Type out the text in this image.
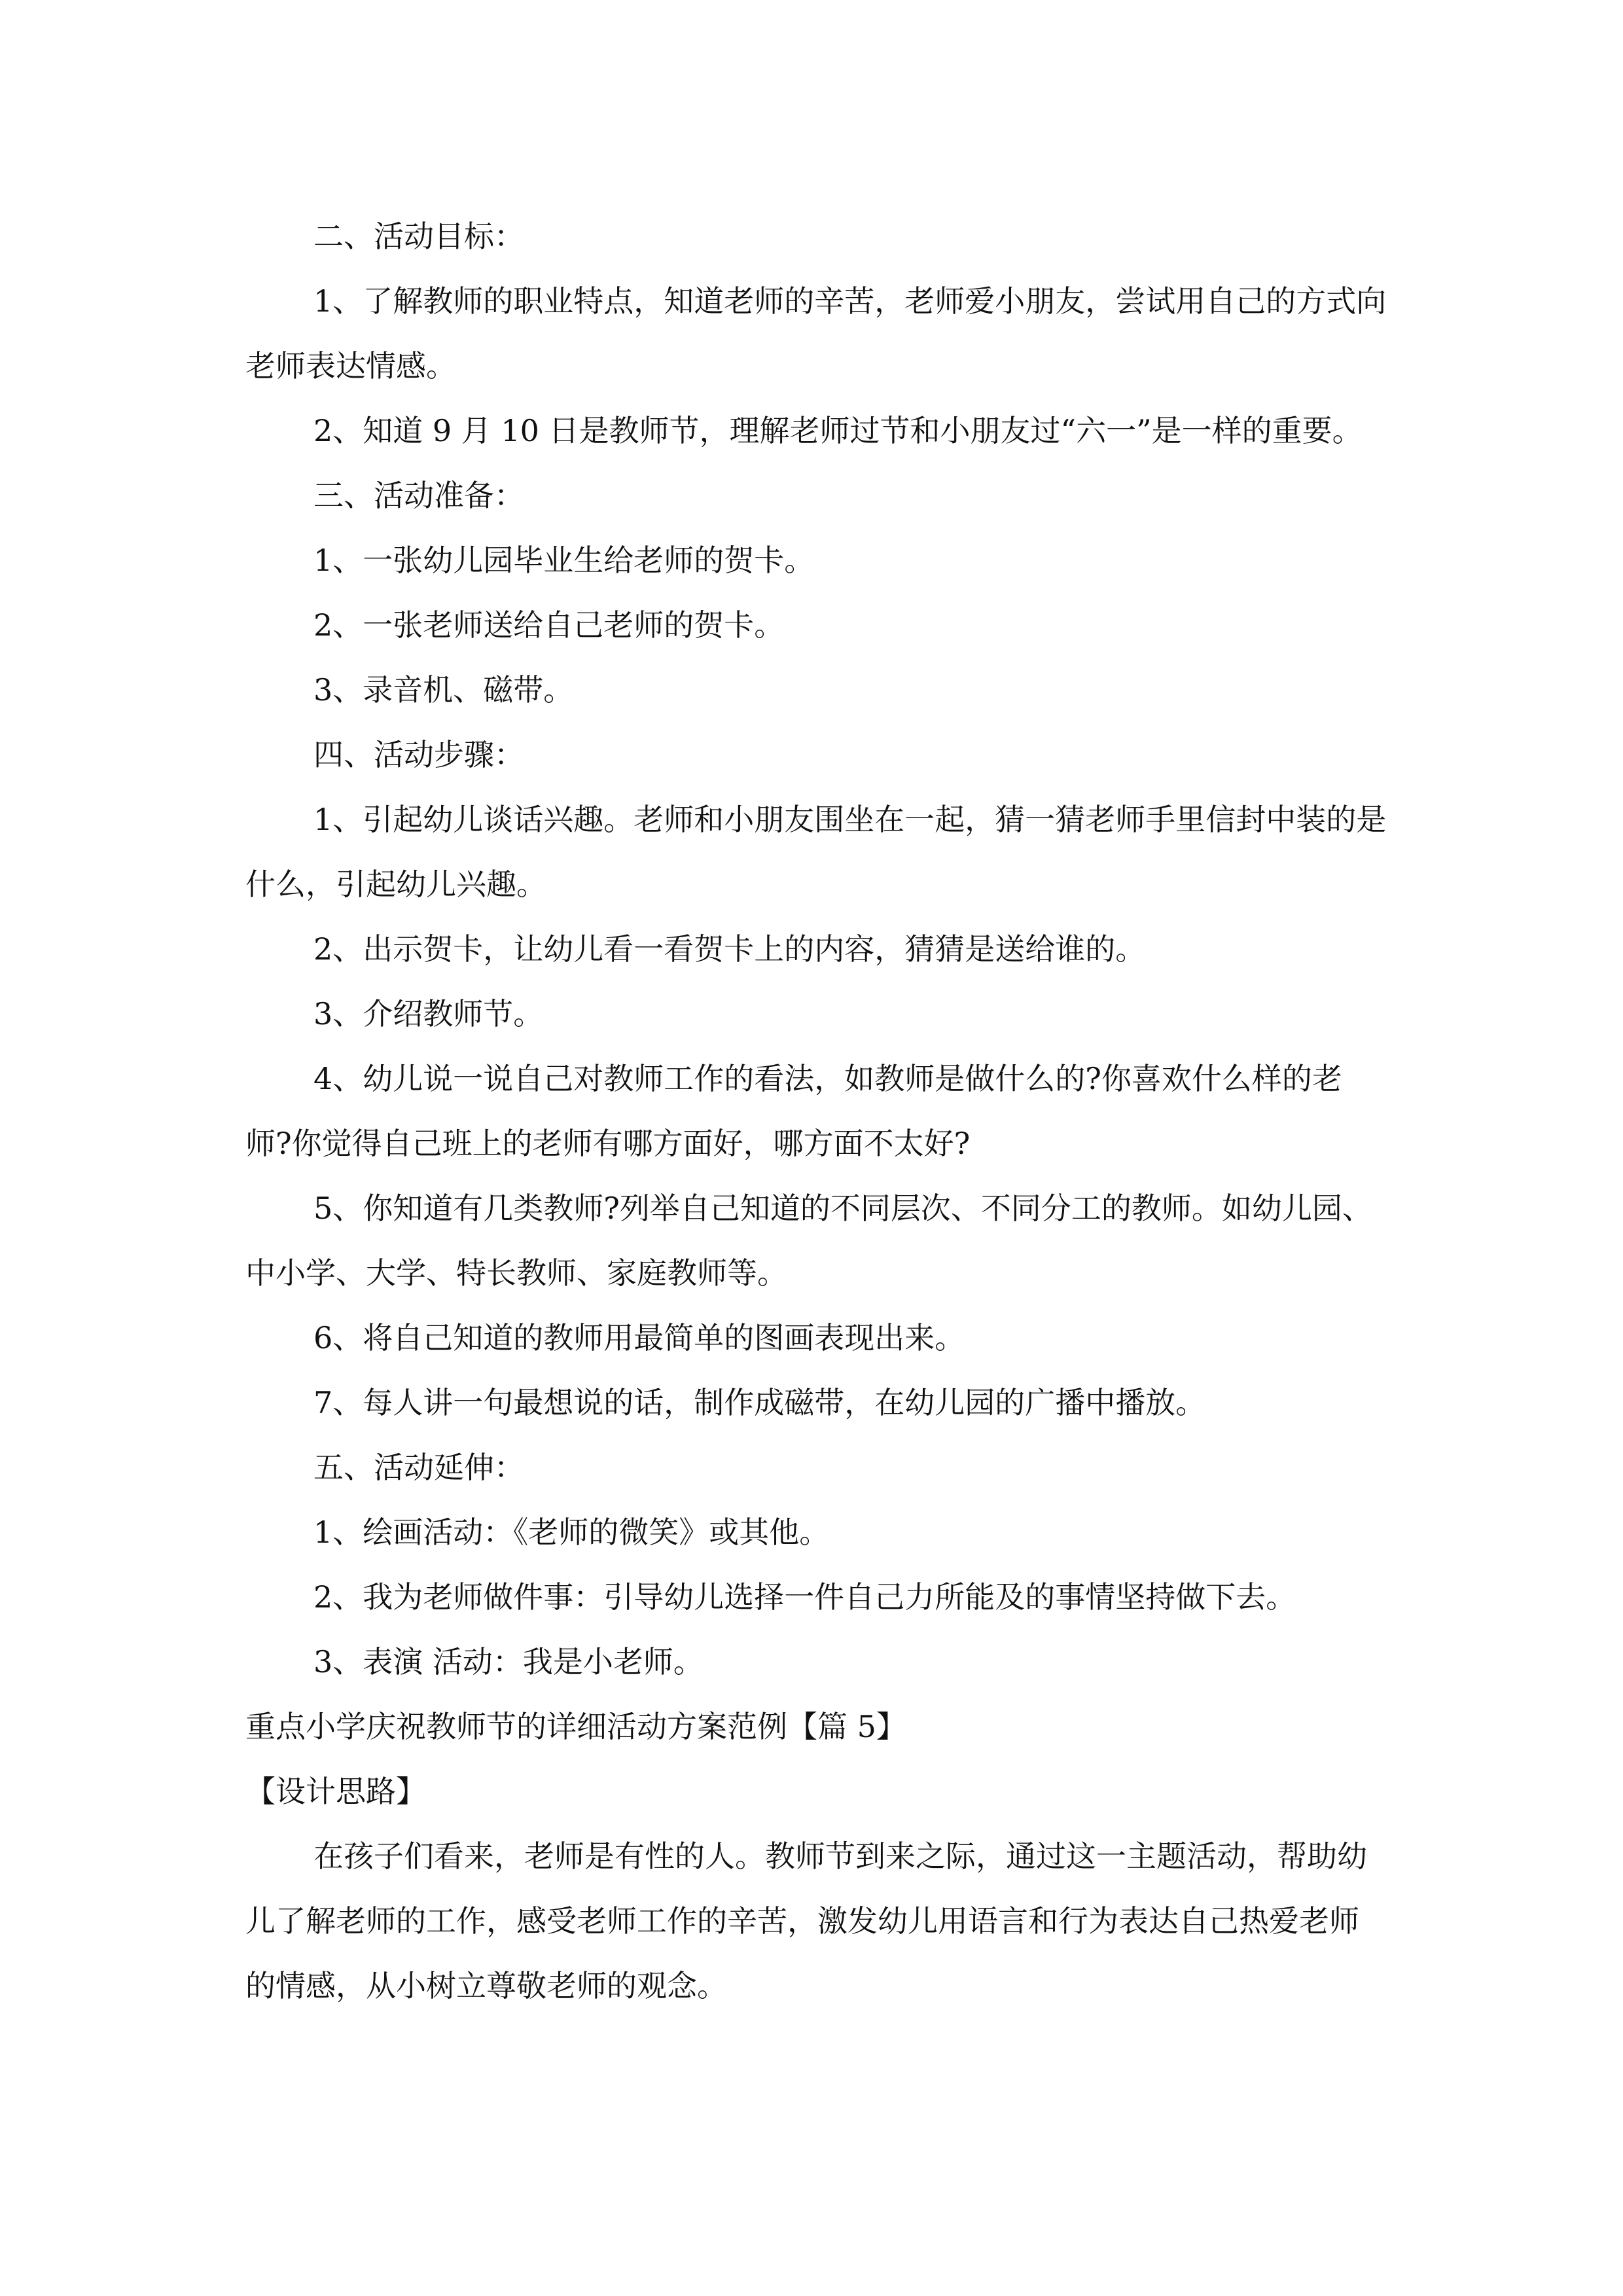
二、活动目标：

1、了解教师的职业特点，知道老师的辛苦，老师爱小朋友，尝试用自己的方式向老师表达情感。

2、知道 9 月 10 日是教师节，理解老师过节和小朋友过“六一”是一样的重要。

三、活动准备：

1、一张幼儿园毕业生给老师的贺卡。

2、一张老师送给自己老师的贺卡。

3、录音机、磁带。

四、活动步骤：

1、引起幼儿谈话兴趣。老师和小朋友围坐在一起，猜一猜老师手里信封中装的是什么，引起幼儿兴趣。

2、出示贺卡，让幼儿看一看贺卡上的内容，猜猜是送给谁的。

3、介绍教师节。

4、幼儿说一说自己对教师工作的看法，如教师是做什么的?你喜欢什么样的老师?你觉得自己班上的老师有哪方面好，哪方面不太好?

5、你知道有几类教师?列举自己知道的不同层次、不同分工的教师。如幼儿园、中小学、大学、特长教师、家庭教师等。

6、将自己知道的教师用最简单的图画表现出来。

7、每人讲一句最想说的话，制作成磁带，在幼儿园的广播中播放。

五、活动延伸：

1、绘画活动：《老师的微笑》或其他。

2、我为老师做件事：引导幼儿选择一件自己力所能及的事情坚持做下去。

3、表演 活动：我是小老师。

重点小学庆祝教师节的详细活动方案范例【篇 5】

【设计思路】

在孩子们看来，老师是有性的人。教师节到来之际，通过这一主题活动，帮助幼儿了解老师的工作，感受老师工作的辛苦，激发幼儿用语言和行为表达自己热爱老师的情感，从小树立尊敬老师的观念。
